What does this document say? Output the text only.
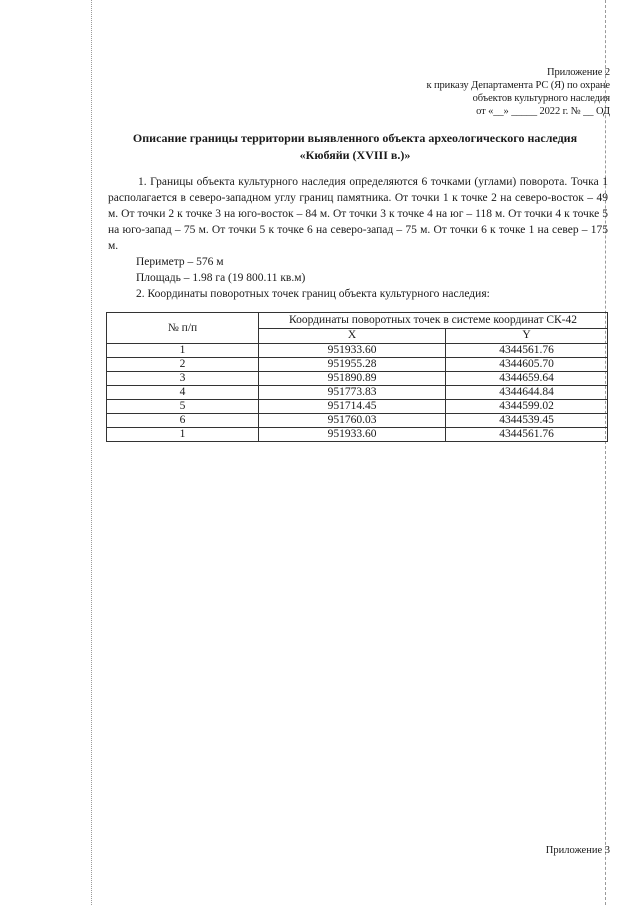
Приложение 2
к приказу Департамента РС (Я) по охране
объектов культурного наследия
от «__» _____ 2022 г. № __ ОД
Описание границы территории выявленного объекта археологического наследия
«Кюбяйи (XVIII в.)»

1. Границы объекта культурного наследия определяются 6 точками (углами) поворота. Точка 1 располагается в северо-западном углу границ памятника. От точки 1 к точке 2 на северо-восток – 49 м. От точки 2 к точке 3 на юго-восток – 84 м. От точки 3 к точке 4 на юг – 118 м. От точки 4 к точке 5 на юго-запад – 75 м. От точки 5 к точке 6 на северо-запад – 75 м. От точки 6 к точке 1 на север – 175 м.

Периметр – 576 м

Площадь – 1.98 га (19 800.11 кв.м)

2. Координаты поворотных точек границ объекта культурного наследия:

№ п/п	Координаты поворотных точек в системе координат СК-42	
	X	Y
1	951933.60	4344561.76
2	951955.28	4344605.70
3	951890.89	4344659.64
4	951773.83	4344644.84
5	951714.45	4344599.02
6	951760.03	4344539.45
1	951933.60	4344561.76
Приложение 3
